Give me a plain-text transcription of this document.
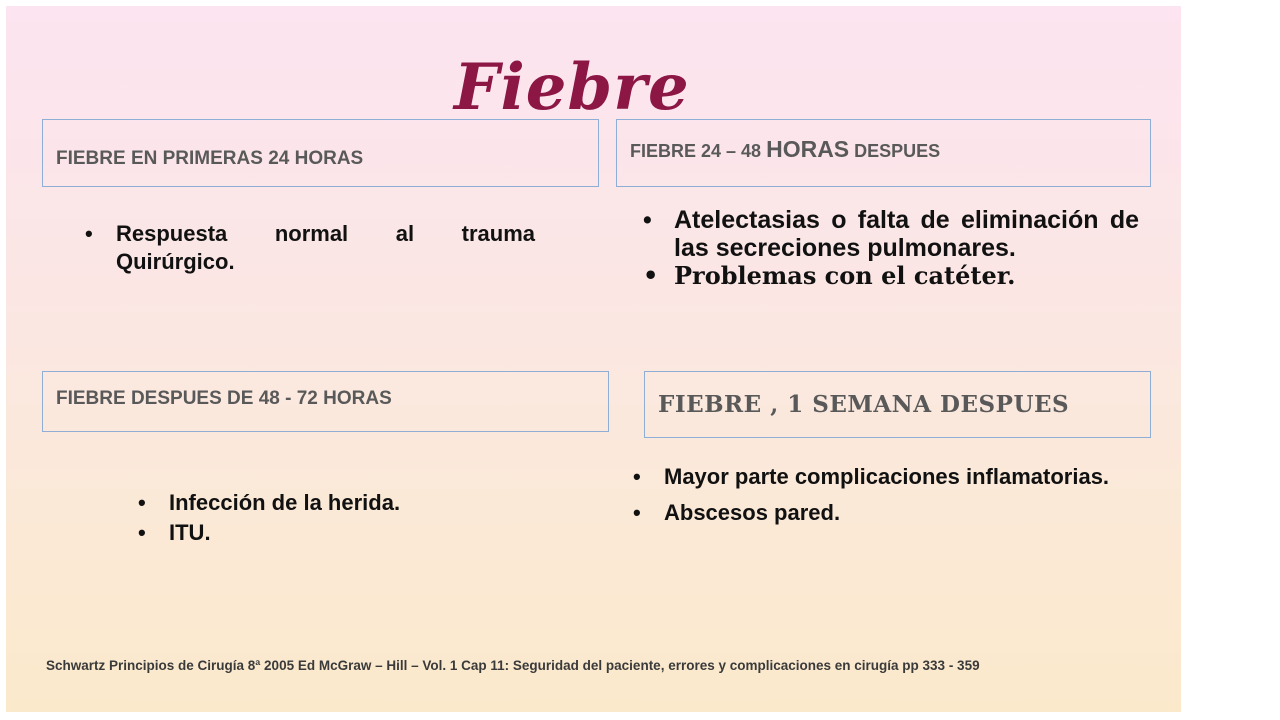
FIEBRE EN PRIMERAS 24 HORAS	FIEBRE 24 – 48 HORAS DESPUES
FIEBRE DESPUES DE 48 - 72 HORAS	FIEBRE , 1 SEMANA DESPUES
Fiebre
• Respuesta normal al trauma Quirúrgico.
• Atelectasias o falta de eliminación de las secreciones pulmonares.
• Problemas con el catéter.
• Infección de la herida.
• ITU.
• Mayor parte complicaciones inflamatorias.
• Abscesos pared.
Schwartz Principios de Cirugía 8ª 2005 Ed McGraw – Hill – Vol. 1 Cap 11: Seguridad del paciente, errores y complicaciones en cirugía pp 333 - 359
